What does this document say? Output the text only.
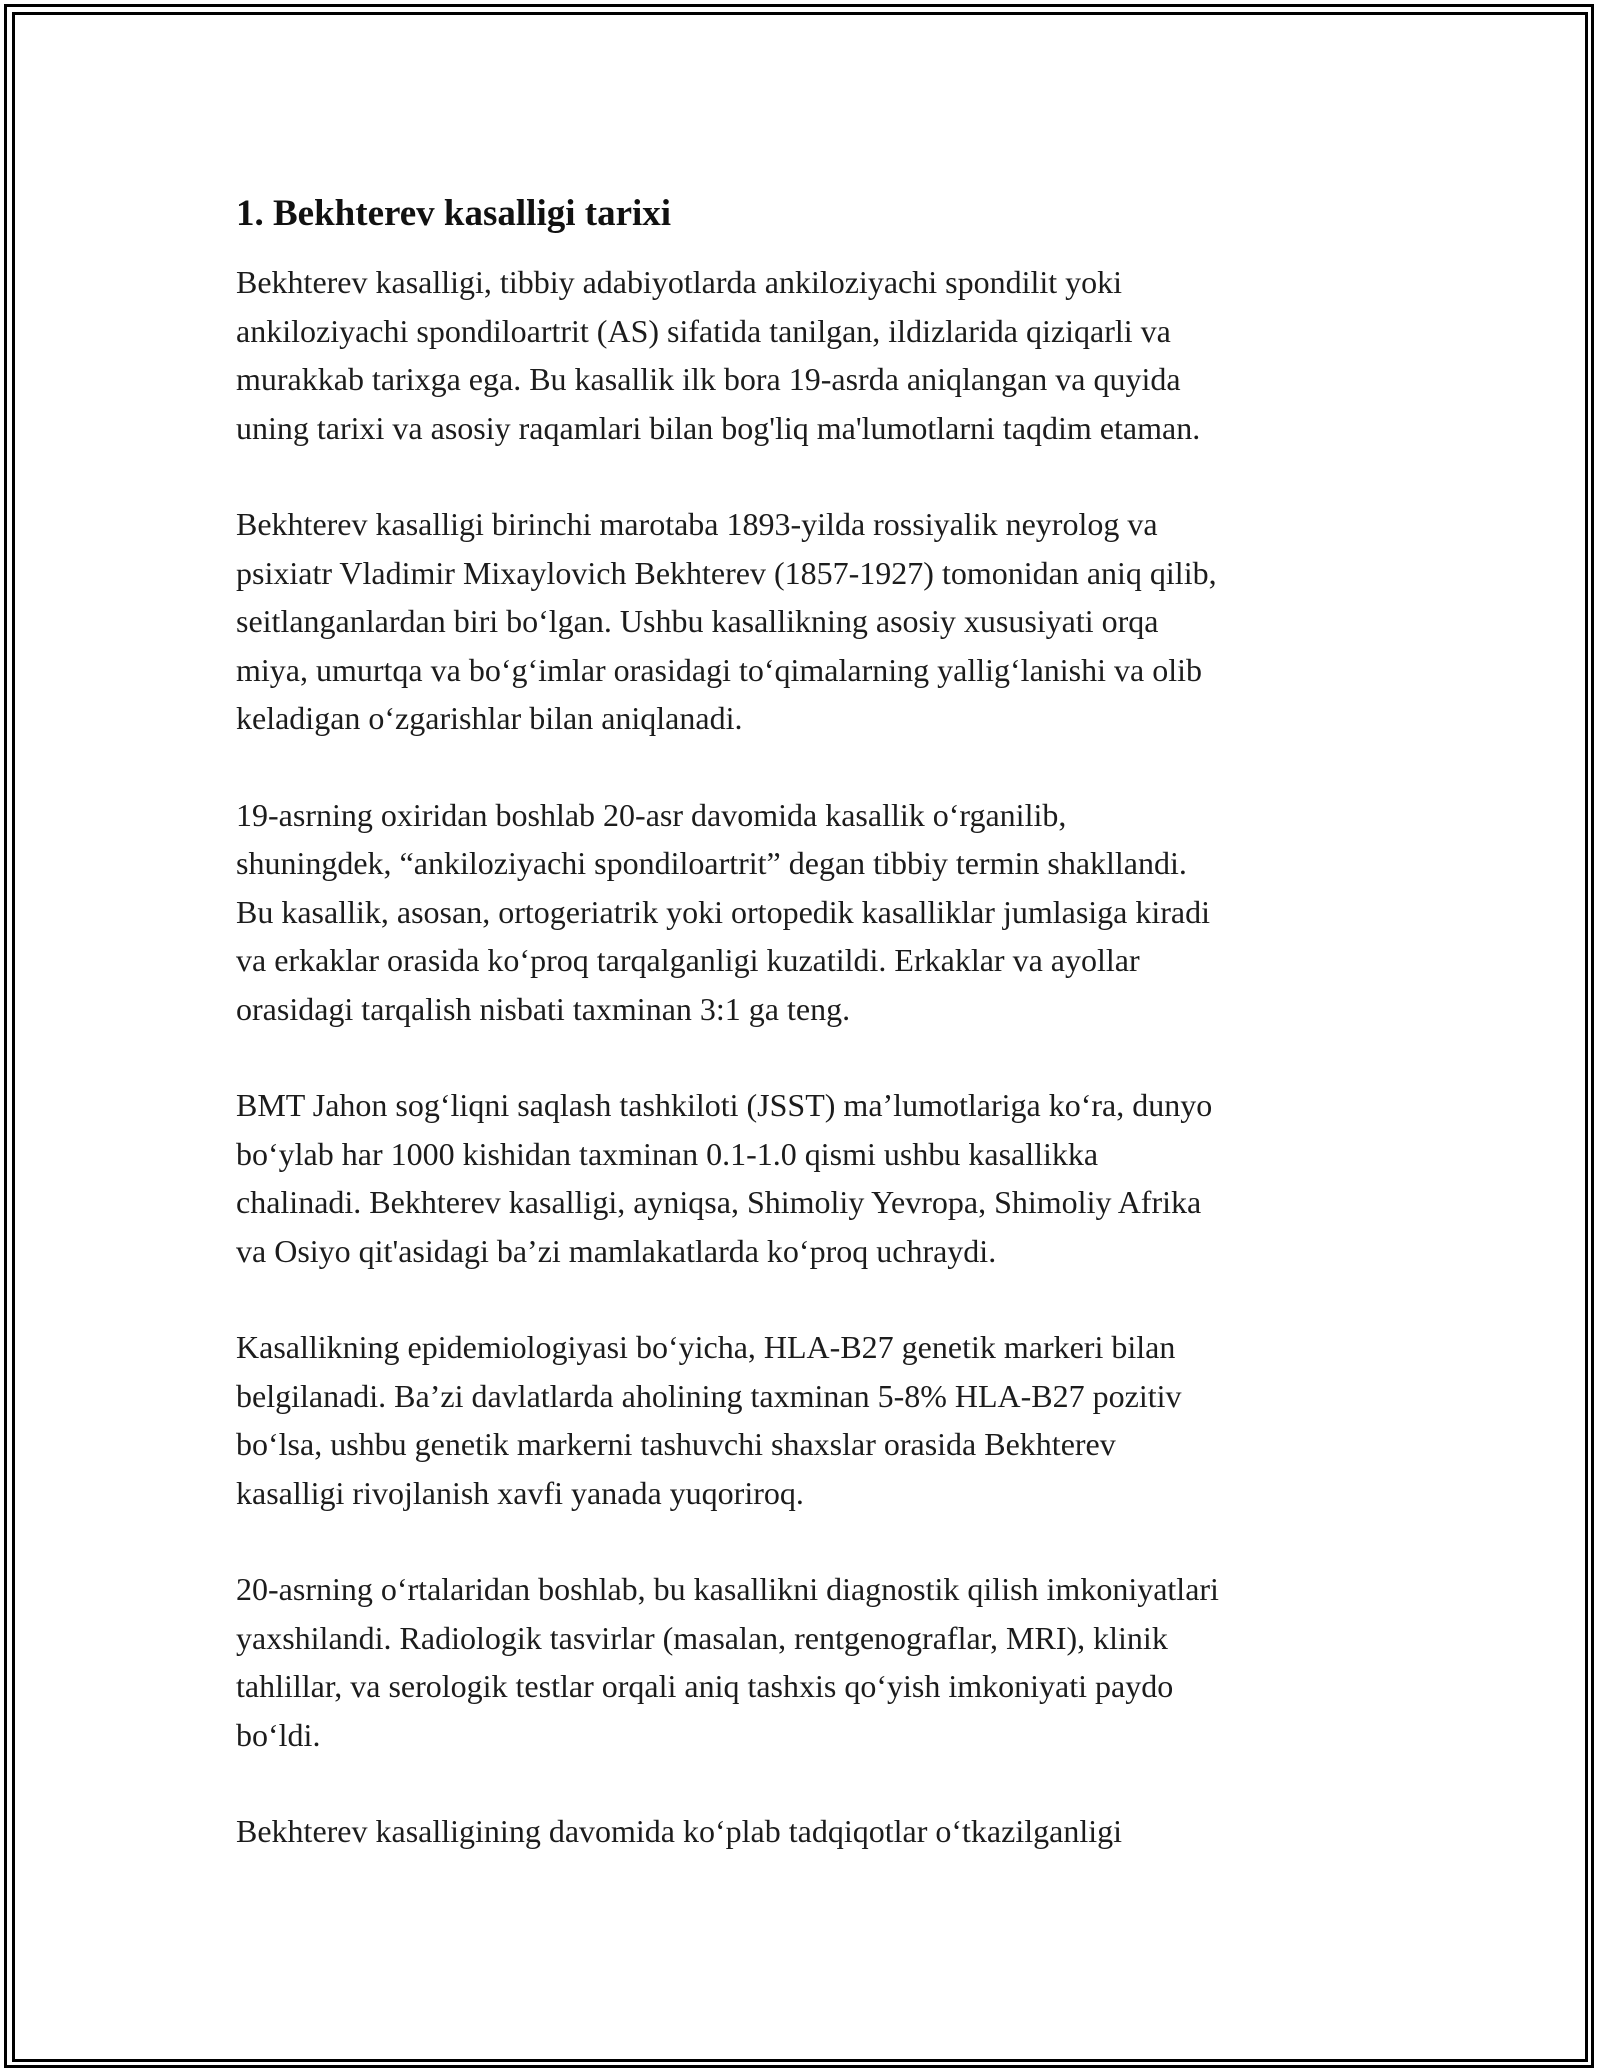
1. Bekhterev kasalligi tarixi

Bekhterev kasalligi, tibbiy adabiyotlarda ankiloziyachi spondilit yoki
ankiloziyachi spondiloartrit (AS) sifatida tanilgan, ildizlarida qiziqarli va
murakkab tarixga ega. Bu kasallik ilk bora 19-asrda aniqlangan va quyida
uning tarixi va asosiy raqamlari bilan bog'liq ma'lumotlarni taqdim etaman.

Bekhterev kasalligi birinchi marotaba 1893-yilda rossiyalik neyrolog va
psixiatr Vladimir Mixaylovich Bekhterev (1857-1927) tomonidan aniq qilib,
seitlanganlardan biri bo‘lgan. Ushbu kasallikning asosiy xususiyati orqa
miya, umurtqa va bo‘g‘imlar orasidagi to‘qimalarning yallig‘lanishi va olib
keladigan o‘zgarishlar bilan aniqlanadi.

19-asrning oxiridan boshlab 20-asr davomida kasallik o‘rganilib,
shuningdek, “ankiloziyachi spondiloartrit” degan tibbiy termin shakllandi.
Bu kasallik, asosan, ortogeriatrik yoki ortopedik kasalliklar jumlasiga kiradi
va erkaklar orasida ko‘proq tarqalganligi kuzatildi. Erkaklar va ayollar
orasidagi tarqalish nisbati taxminan 3:1 ga teng.

BMT Jahon sog‘liqni saqlash tashkiloti (JSST) ma’lumotlariga ko‘ra, dunyo
bo‘ylab har 1000 kishidan taxminan 0.1-1.0 qismi ushbu kasallikka
chalinadi. Bekhterev kasalligi, ayniqsa, Shimoliy Yevropa, Shimoliy Afrika
va Osiyo qit'asidagi ba’zi mamlakatlarda ko‘proq uchraydi.

Kasallikning epidemiologiyasi bo‘yicha, HLA-B27 genetik markeri bilan
belgilanadi. Ba’zi davlatlarda aholining taxminan 5-8% HLA-B27 pozitiv
bo‘lsa, ushbu genetik markerni tashuvchi shaxslar orasida Bekhterev
kasalligi rivojlanish xavfi yanada yuqoriroq.

20-asrning o‘rtalaridan boshlab, bu kasallikni diagnostik qilish imkoniyatlari
yaxshilandi. Radiologik tasvirlar (masalan, rentgenograflar, MRI), klinik
tahlillar, va serologik testlar orqali aniq tashxis qo‘yish imkoniyati paydo
bo‘ldi.

Bekhterev kasalligining davomida ko‘plab tadqiqotlar o‘tkazilganligi
